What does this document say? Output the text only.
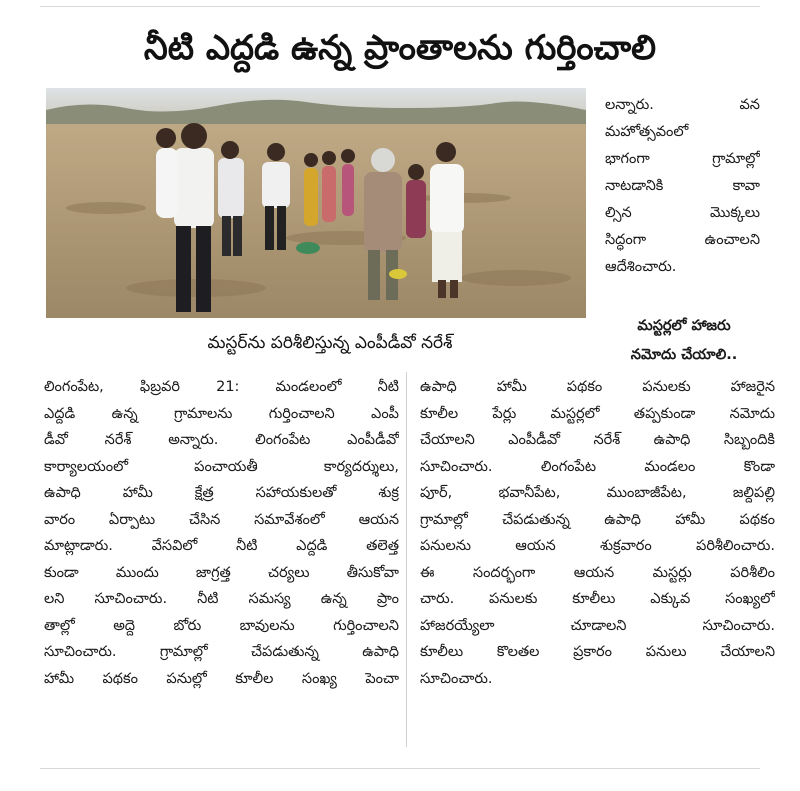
నీటి ఎద్దడి ఉన్న ప్రాంతాలను గుర్తించాలి
మస్టర్‌ను పరిశీలిస్తున్న ఎంపీడీవో నరేశ్
లన్నారు. వన
మహోత్సవంలో
భాగంగా గ్రామాల్లో
నాటడానికి కావా
ల్సిన మొక్కలు
సిద్ధంగా ఉంచాలని
ఆదేశించారు.
మస్టర్లలో హాజరు
నమోదు చేయాలి..
లింగంపేట, ఫిబ్రవరి 21: మండలంలో నీటి
ఎద్దడి ఉన్న గ్రామాలను గుర్తించాలని ఎంపీ
డీవో నరేశ్ అన్నారు. లింగంపేట ఎంపీడీవో
కార్యాలయంలో పంచాయతీ కార్యదర్శులు,
ఉపాధి హామీ క్షేత్ర సహాయకులతో శుక్ర
వారం ఏర్పాటు చేసిన సమావేశంలో ఆయన
మాట్లాడారు. వేసవిలో నీటి ఎద్దడి తలెత్త
కుండా ముందు జాగ్రత్త చర్యలు తీసుకోవా
లని సూచించారు. నీటి సమస్య ఉన్న ప్రాం
తాల్లో అద్దె బోరు బావులను గుర్తించాలని
సూచించారు. గ్రామాల్లో చేపడుతున్న ఉపాధి
హామీ పథకం పనుల్లో కూలీల సంఖ్య పెంచా
ఉపాధి హామీ పథకం పనులకు హాజరైన
కూలీల పేర్లు మస్టర్లలో తప్పకుండా నమోదు
చేయాలని ఎంపీడీవో నరేశ్ ఉపాధి సిబ్బందికి
సూచించారు. లింగంపేట మండలం కొండా
పూర్, భవానీపేట, ముంబాజీపేట, జల్దిపల్లి
గ్రామాల్లో చేపడుతున్న ఉపాధి హామీ పథకం
పనులను ఆయన శుక్రవారం పరిశీలించారు.
ఈ సందర్భంగా ఆయన మస్టర్లు పరిశీలిం
చారు. పనులకు కూలీలు ఎక్కువ సంఖ్యలో
హాజరయ్యేలా చూడాలని సూచించారు.
కూలీలు కొలతల ప్రకారం పనులు చేయాలని
సూచించారు.
